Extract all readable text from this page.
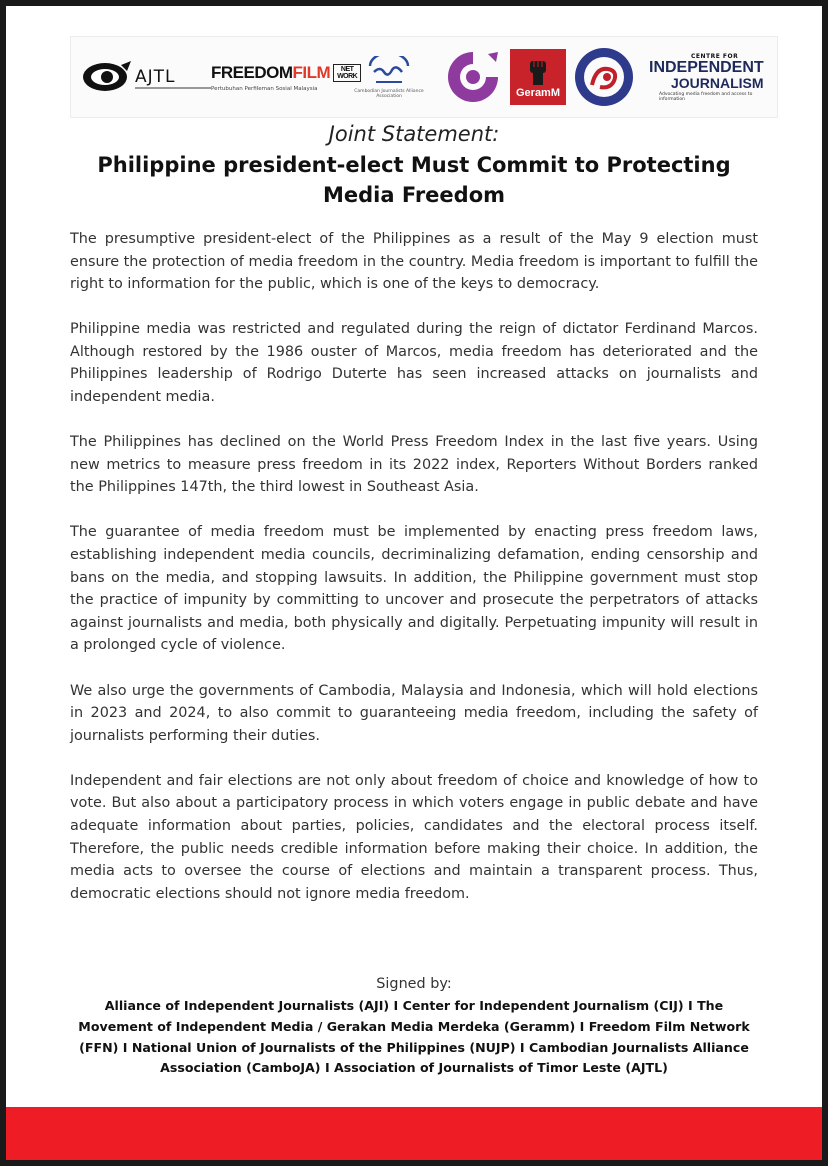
AJTL FREEDOM FILM	NET WORK
Pertubuhan Perfileman Sosial Malaysia	Cambodian Journalists Alliance Association	GeramM
CENTRE FOR
INDEPENDENT
JOURNALISM
Advocating media freedom and access to information
Joint Statement:
Philippine president-elect Must Commit to Protecting Media Freedom

The presumptive president-elect of the Philippines as a result of the May 9 election must ensure the protection of media freedom in the country. Media freedom is important to fulfill the right to information for the public, which is one of the keys to democracy.

Philippine media was restricted and regulated during the reign of dictator Ferdinand Marcos. Although restored by the 1986 ouster of Marcos, media freedom has deteriorated and the Philippines leadership of Rodrigo Duterte has seen increased attacks on journalists and independent media.

The Philippines has declined on the World Press Freedom Index in the last five years. Using new metrics to measure press freedom in its 2022 index, Reporters Without Borders ranked the Philippines 147th, the third lowest in Southeast Asia.

The guarantee of media freedom must be implemented by enacting press freedom laws, establishing independent media councils, decriminalizing defamation, ending censorship and bans on the media, and stopping lawsuits. In addition, the Philippine government must stop the practice of impunity by committing to uncover and prosecute the perpetrators of attacks against journalists and media, both physically and digitally. Perpetuating impunity will result in a prolonged cycle of violence.

We also urge the governments of Cambodia, Malaysia and Indonesia, which will hold elections in 2023 and 2024, to also commit to guaranteeing media freedom, including the safety of journalists performing their duties.

Independent and fair elections are not only about freedom of choice and knowledge of how to vote. But also about a participatory process in which voters engage in public debate and have adequate information about parties, policies, candidates and the electoral process itself. Therefore, the public needs credible information before making their choice. In addition, the media acts to oversee the course of elections and maintain a transparent process. Thus, democratic elections should not ignore media freedom.

Signed by:
Alliance of Independent Journalists (AJI) I Center for Independent Journalism (CIJ) I The Movement of Independent Media / Gerakan Media Merdeka (Geramm) I Freedom Film Network (FFN) I National Union of Journalists of the Philippines (NUJP) I Cambodian Journalists Alliance Association (CamboJA) I Association of Journalists of Timor Leste (AJTL)
